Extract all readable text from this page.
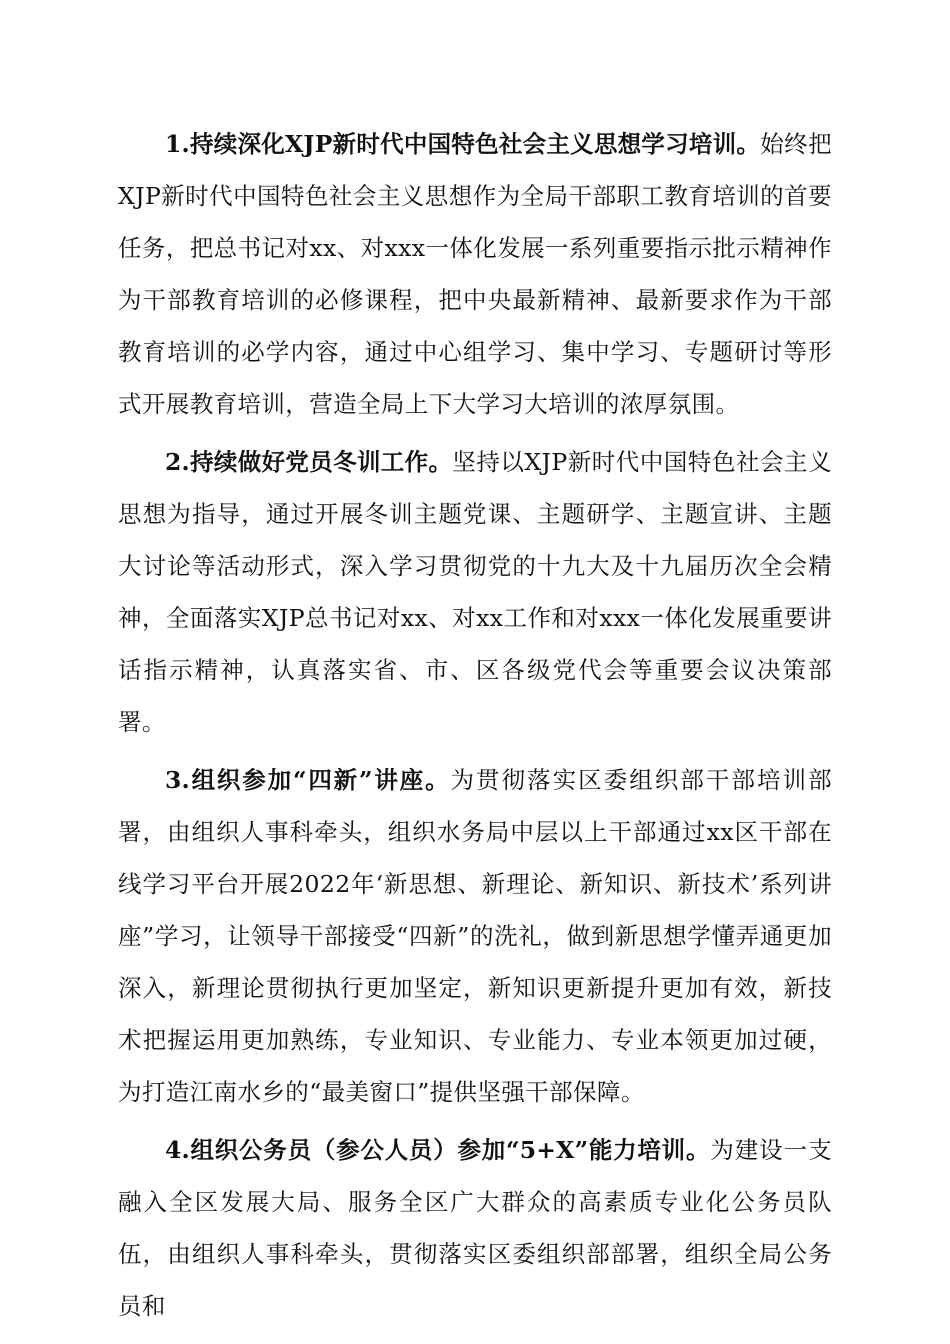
1.持续深化XJP新时代中国特色社会主义思想学习培训。始终把XJP新时代中国特色社会主义思想作为全局干部职工教育培训的首要任务，把总书记对xx、对xxx一体化发展一系列重要指示批示精神作为干部教育培训的必修课程，把中央最新精神、最新要求作为干部教育培训的必学内容，通过中心组学习、集中学习、专题研讨等形式开展教育培训，营造全局上下大学习大培训的浓厚氛围。

2.持续做好党员冬训工作。坚持以XJP新时代中国特色社会主义思想为指导，通过开展冬训主题党课、主题研学、主题宣讲、主题大讨论等活动形式，深入学习贯彻党的十九大及十九届历次全会精神，全面落实XJP总书记对xx、对xx工作和对xxx一体化发展重要讲话指示精神，认真落实省、市、区各级党代会等重要会议决策部署。

3.组织参加“四新”讲座。为贯彻落实区委组织部干部培训部署，由组织人事科牵头，组织水务局中层以上干部通过xx区干部在线学习平台开展2022年‘新思想、新理论、新知识、新技术’系列讲座”学习，让领导干部接受“四新”的洗礼，做到新思想学懂弄通更加深入，新理论贯彻执行更加坚定，新知识更新提升更加有效，新技术把握运用更加熟练，专业知识、专业能力、专业本领更加过硬，为打造江南水乡的“最美窗口”提供坚强干部保障。

4.组织公务员（参公人员）参加“5+X”能力培训。为建设一支融入全区发展大局、服务全区广大群众的高素质专业化公务员队伍，由组织人事科牵头，贯彻落实区委组织部部署，组织全局公务员和
